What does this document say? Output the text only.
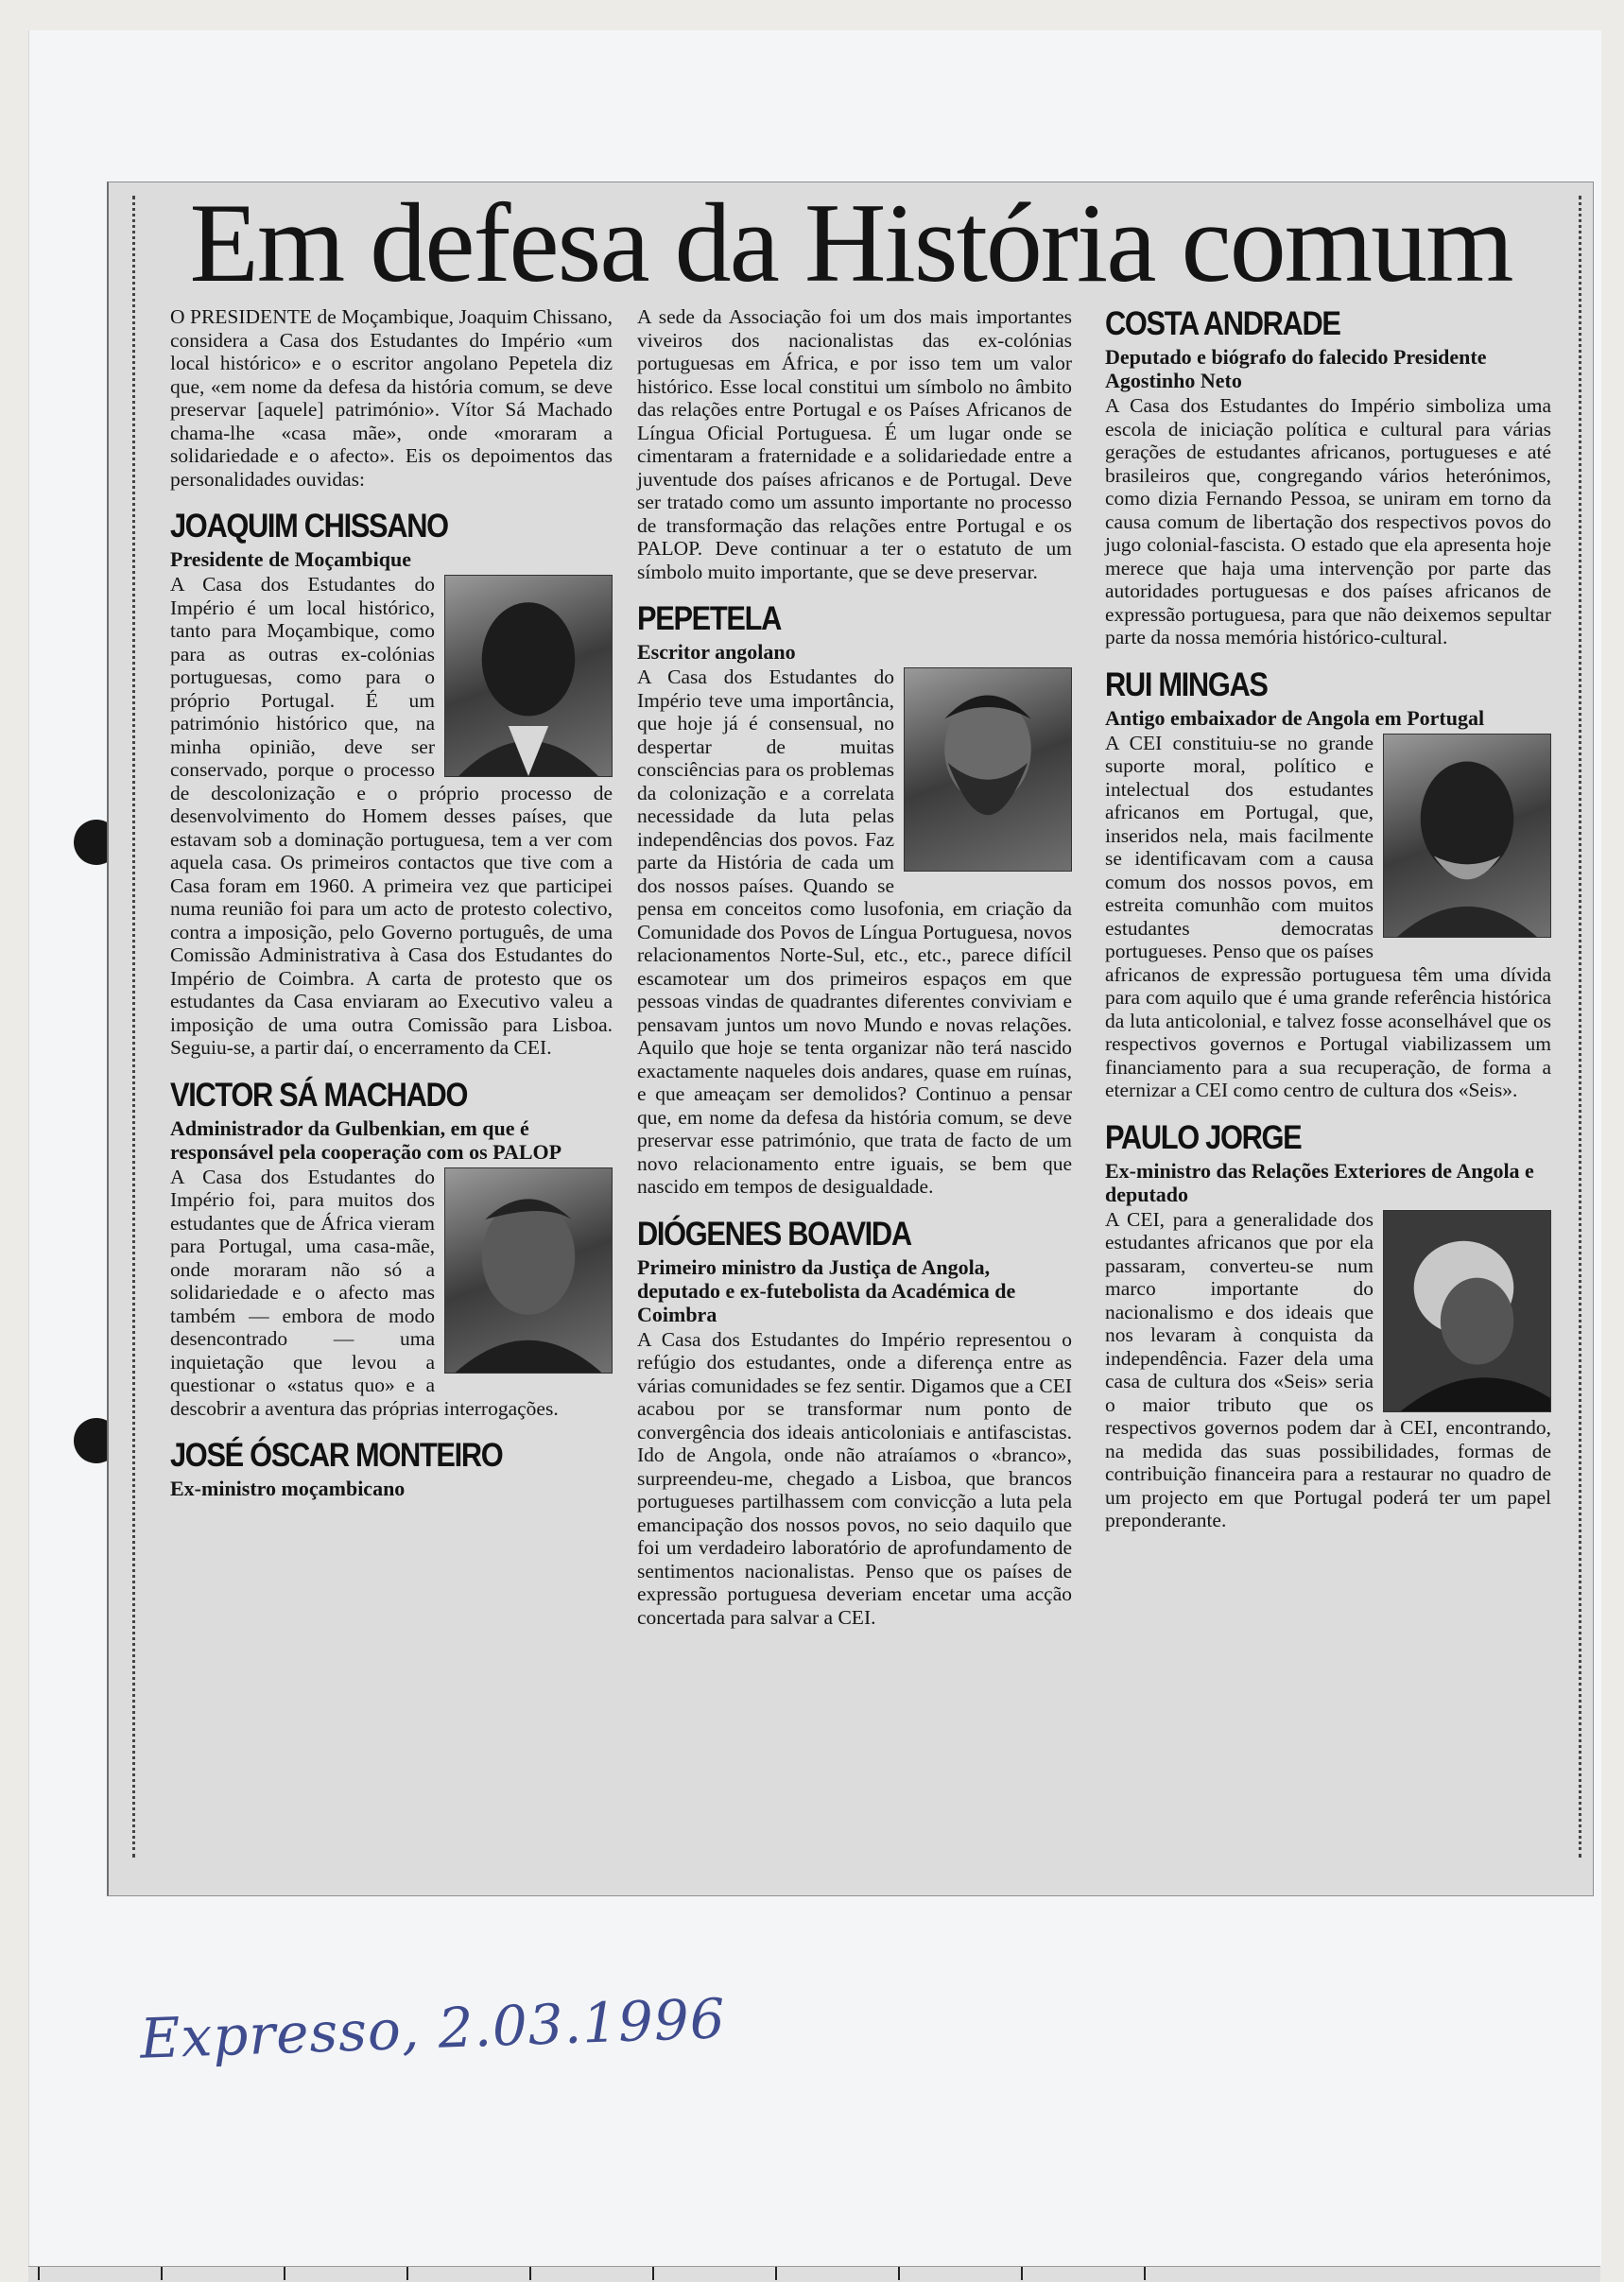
Em defesa da História comum

O PRESIDENTE de Moçambique, Joaquim Chissano, considera a Casa dos Estudantes do Império «um local histórico» e o escritor angolano Pepetela diz que, «em nome da defesa da história comum, se deve preservar [aquele] património». Vítor Sá Machado chama-lhe «casa mãe», onde «moraram a solidariedade e o afecto». Eis os depoimentos das personalidades ouvidas:

JOAQUIM CHISSANO
Presidente de Moçambique

A Casa dos Estudantes do Império é um local histórico, tanto para Moçambique, como para as outras ex-colónias portuguesas, como para o próprio Portugal. É um património histórico que, na minha opinião, deve ser conservado, porque o processo de descolonização e o próprio processo de desenvolvimento do Homem desses países, que estavam sob a dominação portuguesa, tem a ver com aquela casa. Os primeiros contactos que tive com a Casa foram em 1960. A primeira vez que participei numa reunião foi para um acto de protesto colectivo, contra a imposição, pelo Governo português, de uma Comissão Administrativa à Casa dos Estudantes do Império de Coimbra. A carta de protesto que os estudantes da Casa enviaram ao Executivo valeu a imposição de uma outra Comissão para Lisboa. Seguiu-se, a partir daí, o encerramento da CEI.

VICTOR SÁ MACHADO
Administrador da Gulbenkian, em que é responsável pela cooperação com os PALOP

A Casa dos Estudantes do Império foi, para muitos dos estudantes que de África vieram para Portugal, uma casa-mãe, onde moraram não só a solidariedade e o afecto mas também — embora de modo desencontrado — uma inquietação que levou a questionar o «status quo» e a descobrir a aventura das próprias interrogações.

JOSÉ ÓSCAR MONTEIRO
Ex-ministro moçambicano

A sede da Associação foi um dos mais importantes viveiros dos nacionalistas das ex-colónias portuguesas em África, e por isso tem um valor histórico. Esse local constitui um símbolo no âmbito das relações entre Portugal e os Países Africanos de Língua Oficial Portuguesa. É um lugar onde se cimentaram a fraternidade e a solidariedade entre a juventude dos países africanos e de Portugal. Deve ser tratado como um assunto importante no processo de transformação das relações entre Portugal e os PALOP. Deve continuar a ter o estatuto de um símbolo muito importante, que se deve preservar.

PEPETELA
Escritor angolano

A Casa dos Estudantes do Império teve uma importância, que hoje já é consensual, no despertar de muitas consciências para os problemas da colonização e a correlata necessidade da luta pelas independências dos povos. Faz parte da História de cada um dos nossos países. Quando se pensa em conceitos como lusofonia, em criação da Comunidade dos Povos de Língua Portuguesa, novos relacionamentos Norte-Sul, etc., etc., parece difícil escamotear um dos primeiros espaços em que pessoas vindas de quadrantes diferentes conviviam e pensavam juntos um novo Mundo e novas relações. Aquilo que hoje se tenta organizar não terá nascido exactamente naqueles dois andares, quase em ruínas, e que ameaçam ser demolidos? Continuo a pensar que, em nome da defesa da história comum, se deve preservar esse património, que trata de facto de um novo relacionamento entre iguais, se bem que nascido em tempos de desigualdade.

DIÓGENES BOAVIDA
Primeiro ministro da Justiça de Angola, deputado e ex-futebolista da Académica de Coimbra

A Casa dos Estudantes do Império representou o refúgio dos estudantes, onde a diferença entre as várias comunidades se fez sentir. Digamos que a CEI acabou por se transformar num ponto de convergência dos ideais anticoloniais e antifascistas. Ido de Angola, onde não atraíamos o «branco», surpreendeu-me, chegado a Lisboa, que brancos portugueses partilhassem com convicção a luta pela emancipação dos nossos povos, no seio daquilo que foi um verdadeiro laboratório de aprofundamento de sentimentos nacionalistas. Penso que os países de expressão portuguesa deveriam encetar uma acção concertada para salvar a CEI.

COSTA ANDRADE
Deputado e biógrafo do falecido Presidente Agostinho Neto

A Casa dos Estudantes do Império simboliza uma escola de iniciação política e cultural para várias gerações de estudantes africanos, portugueses e até brasileiros que, congregando vários heterónimos, como dizia Fernando Pessoa, se uniram em torno da causa comum de libertação dos respectivos povos do jugo colonial-fascista. O estado que ela apresenta hoje merece que haja uma intervenção por parte das autoridades portuguesas e dos países africanos de expressão portuguesa, para que não deixemos sepultar parte da nossa memória histórico-cultural.

RUI MINGAS
Antigo embaixador de Angola em Portugal

A CEI constituiu-se no grande suporte moral, político e intelectual dos estudantes africanos em Portugal, que, inseridos nela, mais facilmente se identificavam com a causa comum dos nossos povos, em estreita comunhão com muitos estudantes democratas portugueses. Penso que os países africanos de expressão portuguesa têm uma dívida para com aquilo que é uma grande referência histórica da luta anticolonial, e talvez fosse aconselhável que os respectivos governos e Portugal viabilizassem um financiamento para a sua recuperação, de forma a eternizar a CEI como centro de cultura dos «Seis».

PAULO JORGE
Ex-ministro das Relações Exteriores de Angola e deputado

A CEI, para a generalidade dos estudantes africanos que por ela passaram, converteu-se num marco importante do nacionalismo e dos ideais que nos levaram à conquista da independência. Fazer dela uma casa de cultura dos «Seis» seria o maior tributo que os respectivos governos podem dar à CEI, encontrando, na medida das suas possibilidades, formas de contribuição financeira para a restaurar no quadro de um projecto em que Portugal poderá ter um papel preponderante.

Expresso, 2.03.1996
